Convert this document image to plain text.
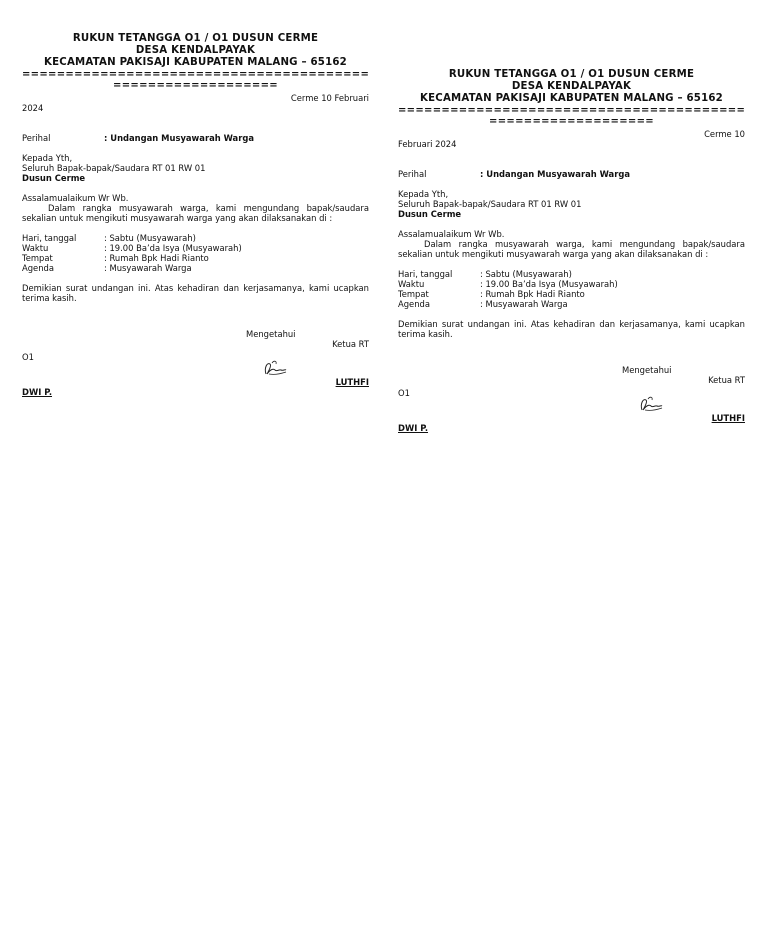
RUKUN TETANGGA O1 / O1 DUSUN CERME
DESA KENDALPAYAK
KECAMATAN PAKISAJI KABUPATEN MALANG – 65162
========================================
===================
Cerme 10 Februari
2024
Perihal	: Undangan Musyawarah Warga
Kepada Yth,
Seluruh Bapak-bapak/Saudara RT 01 RW 01
Dusun Cerme
Assalamualaikum Wr Wb.
Dalam rangka musyawarah warga, kami mengundang bapak/saudara sekalian untuk mengikuti musyawarah warga yang akan dilaksanakan di :
Hari, tanggal	: Sabtu (Musyawarah)
Waktu	: 19.00 Ba’da Isya (Musyawarah)
Tempat	: Rumah Bpk Hadi Rianto
Agenda	: Musyawarah Warga
Demikian surat undangan ini. Atas kehadiran dan kerjasamanya, kami ucapkan terima kasih.
Mengetahui
Ketua RT
O1
LUTHFI
DWI P.
RUKUN TETANGGA O1 / O1 DUSUN CERME
DESA KENDALPAYAK
KECAMATAN PAKISAJI KABUPATEN MALANG – 65162
========================================
===================
Cerme 10
Februari 2024
Perihal	: Undangan Musyawarah Warga
Kepada Yth,
Seluruh Bapak-bapak/Saudara RT 01 RW 01
Dusun Cerme
Assalamualaikum Wr Wb.
Dalam rangka musyawarah warga, kami mengundang bapak/saudara sekalian untuk mengikuti musyawarah warga yang akan dilaksanakan di :
Hari, tanggal	: Sabtu (Musyawarah)
Waktu	: 19.00 Ba’da Isya (Musyawarah)
Tempat	: Rumah Bpk Hadi Rianto
Agenda	: Musyawarah Warga
Demikian surat undangan ini. Atas kehadiran dan kerjasamanya, kami ucapkan terima kasih.
Mengetahui
Ketua RT
O1
LUTHFI
DWI P.
